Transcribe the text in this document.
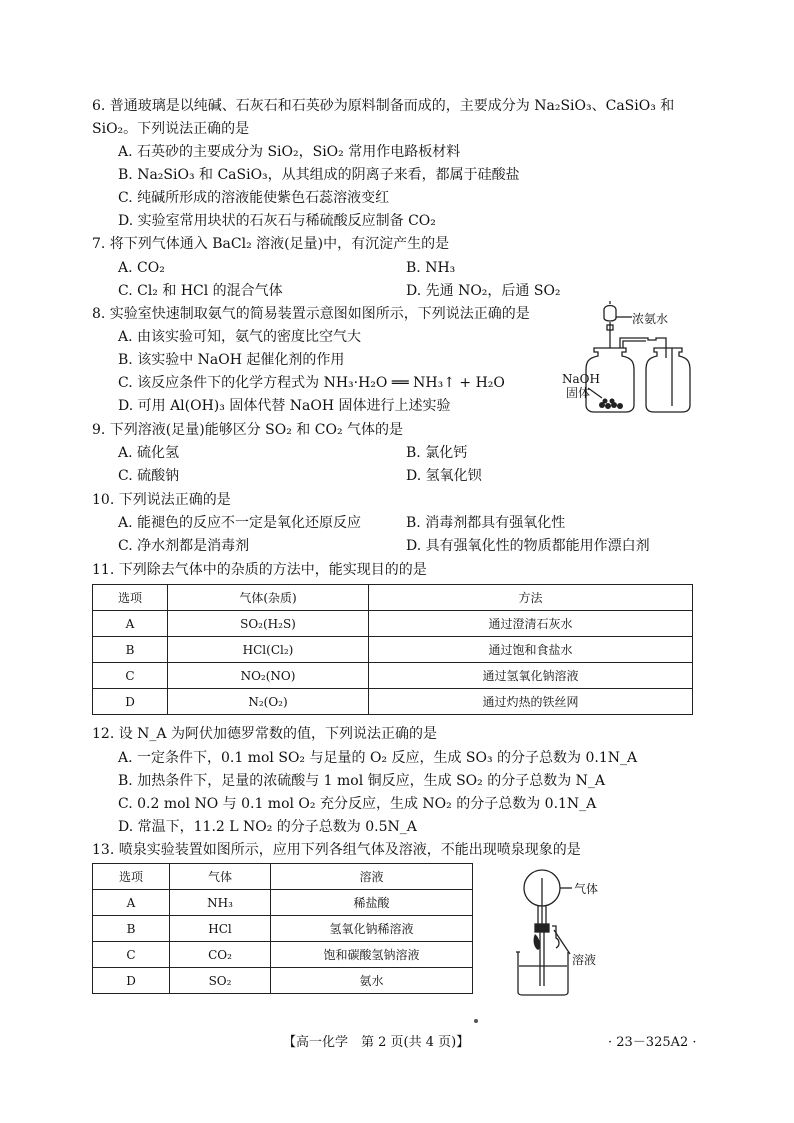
6. 普通玻璃是以纯碱、石灰石和石英砂为原料制备而成的，主要成分为 Na₂SiO₃、CaSiO₃ 和
SiO₂。下列说法正确的是
A. 石英砂的主要成分为 SiO₂，SiO₂ 常用作电路板材料
B. Na₂SiO₃ 和 CaSiO₃，从其组成的阴离子来看，都属于硅酸盐
C. 纯碱所形成的溶液能使紫色石蕊溶液变红
D. 实验室常用块状的石灰石与稀硫酸反应制备 CO₂
7. 将下列气体通入 BaCl₂ 溶液(足量)中，有沉淀产生的是
A. CO₂	B. NH₃
C. Cl₂ 和 HCl 的混合气体	D. 先通 NO₂，后通 SO₂
8. 实验室快速制取氨气的简易装置示意图如图所示，下列说法正确的是
A. 由该实验可知，氨气的密度比空气大
B. 该实验中 NaOH 起催化剂的作用
C. 该反应条件下的化学方程式为 NH₃·H₂O ══ NH₃↑ + H₂O
D. 可用 Al(OH)₃ 固体代替 NaOH 固体进行上述实验
浓氨水
NaOH
固体
9. 下列溶液(足量)能够区分 SO₂ 和 CO₂ 气体的是
A. 硫化氢	B. 氯化钙
C. 硫酸钠	D. 氢氧化钡
10. 下列说法正确的是
A. 能褪色的反应不一定是氧化还原反应	B. 消毒剂都具有强氧化性
C. 净水剂都是消毒剂	D. 具有强氧化性的物质都能用作漂白剂
11. 下列除去气体中的杂质的方法中，能实现目的的是
选项	气体(杂质)	方法
A	SO₂(H₂S)	通过澄清石灰水
B	HCl(Cl₂)	通过饱和食盐水
C	NO₂(NO)	通过氢氧化钠溶液
D	N₂(O₂)	通过灼热的铁丝网
12. 设 N_A 为阿伏加德罗常数的值，下列说法正确的是
A. 一定条件下，0.1 mol SO₂ 与足量的 O₂ 反应，生成 SO₃ 的分子总数为 0.1N_A
B. 加热条件下，足量的浓硫酸与 1 mol 铜反应，生成 SO₂ 的分子总数为 N_A
C. 0.2 mol NO 与 0.1 mol O₂ 充分反应，生成 NO₂ 的分子总数为 0.1N_A
D. 常温下，11.2 L NO₂ 的分子总数为 0.5N_A
13. 喷泉实验装置如图所示，应用下列各组气体及溶液，不能出现喷泉现象的是
选项	气体	溶液
A	NH₃	稀盐酸
B	HCl	氢氧化钠稀溶液
C	CO₂	饱和碳酸氢钠溶液
D	SO₂	氨水
气体
溶液
【高一化学　第 2 页(共 4 页)】	· 23－325A2 ·
